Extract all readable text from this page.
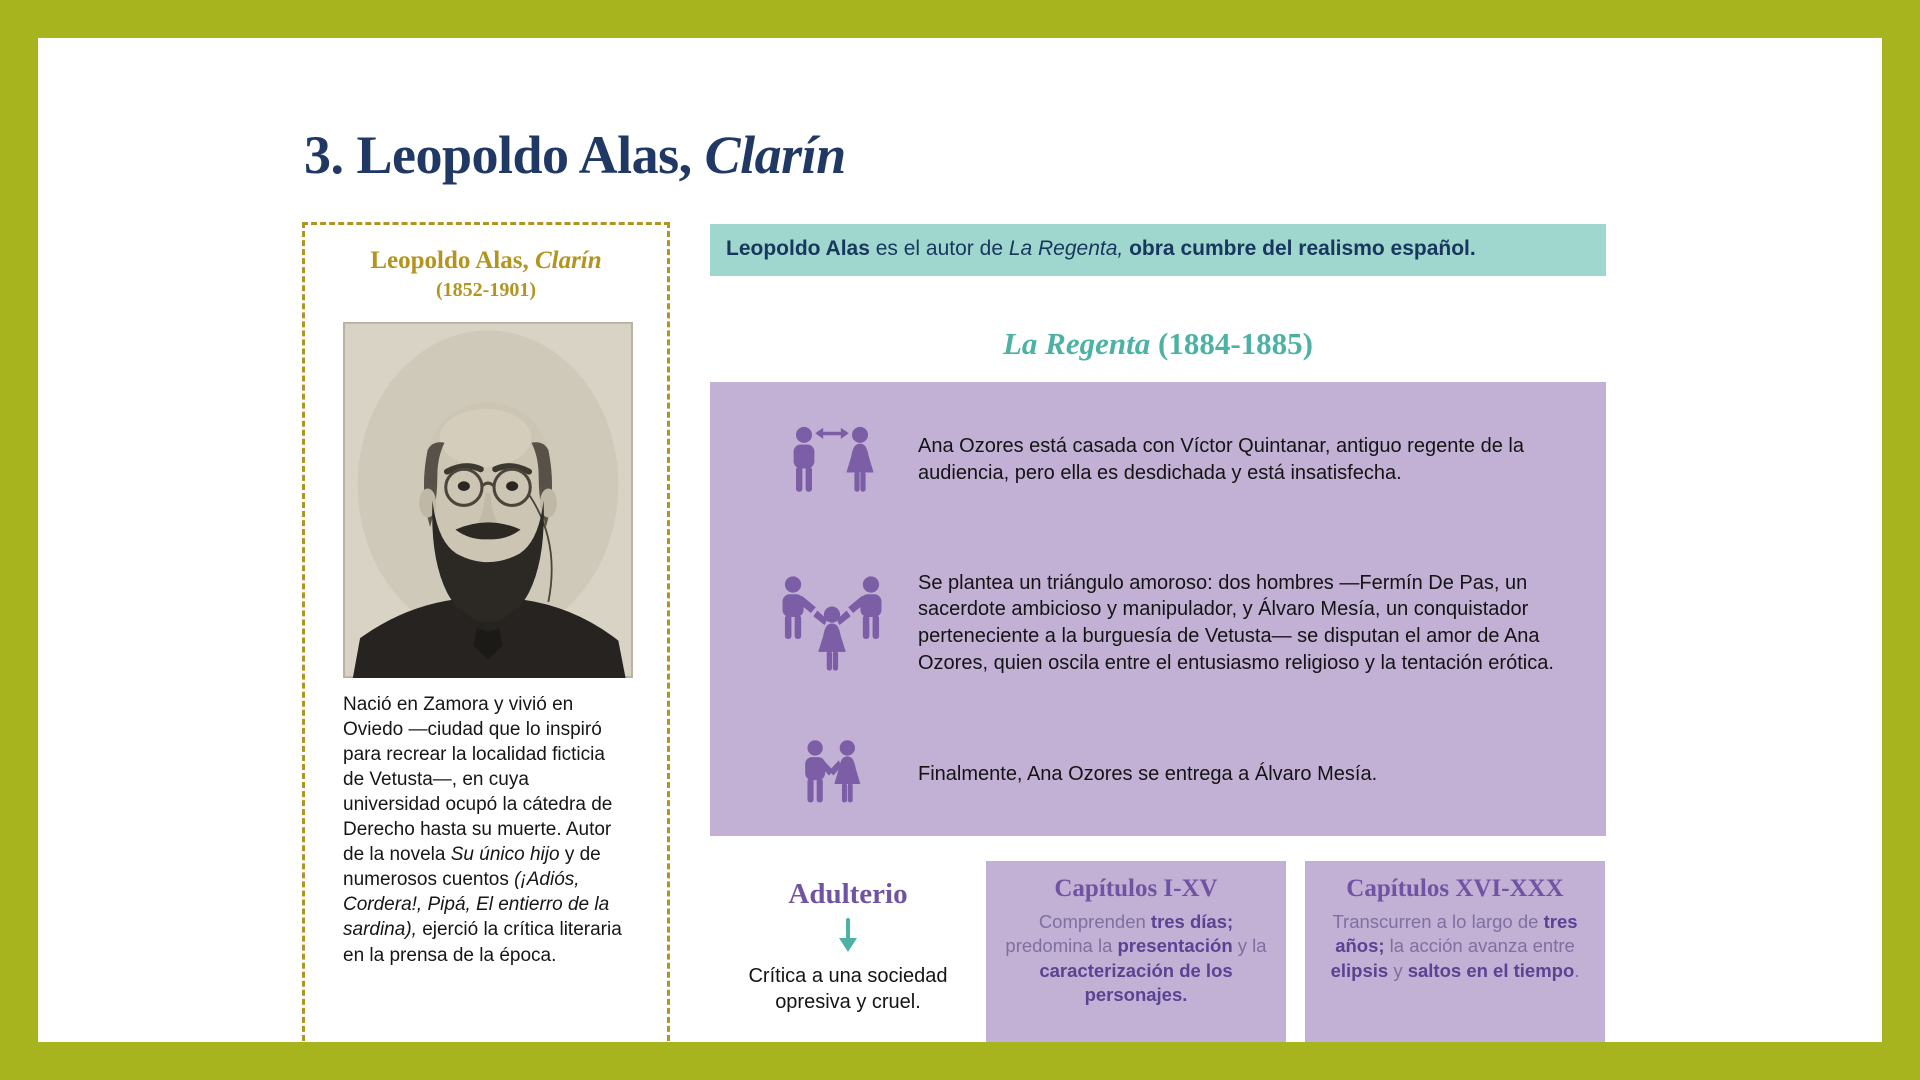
3. Leopoldo Alas, Clarín
Leopoldo Alas, Clarín
(1852-1901)

Nació en Zamora y vivió en Oviedo —ciudad que lo inspiró para recrear la localidad ficticia de Vetusta—, en cuya universidad ocupó la cátedra de Derecho hasta su muerte. Autor de la novela Su único hijo y de numerosos cuentos (¡Adiós, Cordera!, Pipá, El entierro de la sardina), ejerció la crítica literaria en la prensa de la época.

Leopoldo Alas es el autor de La Regenta, obra cumbre del realismo español.
La Regenta (1884-1885)

Ana Ozores está casada con Víctor Quintanar, antiguo regente de la audiencia, pero ella es desdichada y está insatisfecha.

Se plantea un triángulo amoroso: dos hombres —Fermín De Pas, un sacerdote ambicioso y manipulador, y Álvaro Mesía, un conquistador perteneciente a la burguesía de Vetusta— se disputan el amor de Ana Ozores, quien oscila entre el entusiasmo religioso y la tentación erótica.

Finalmente, Ana Ozores se entrega a Álvaro Mesía.

Adulterio

Crítica a una sociedad opresiva y cruel.

Capítulos I-XV

Comprenden tres días; predomina la presentación y la caracterización de los personajes.

Capítulos XVI-XXX

Transcurren a lo largo de tres años; la acción avanza entre elipsis y saltos en el tiempo.
